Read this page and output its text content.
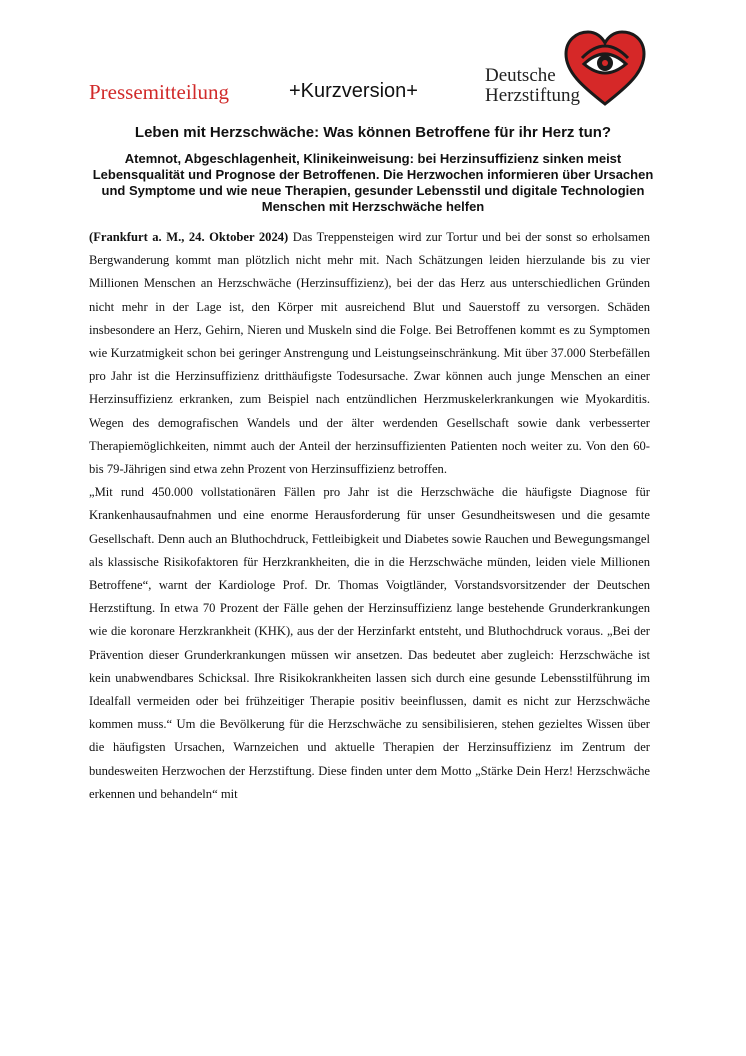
Pressemitteilung	+Kurzversion+
Deutsche
Herzstiftung
Leben mit Herzschwäche: Was können Betroffene für ihr Herz tun?
Atemnot, Abgeschlagenheit, Klinikeinweisung: bei Herzinsuffizienz sinken meist Lebensqualität und Prognose der Betroffenen. Die Herzwochen informieren über Ursachen und Symptome und wie neue Therapien, gesunder Lebensstil und digitale Technologien Menschen mit Herzschwäche helfen

(Frankfurt a. M., 24. Oktober 2024) Das Treppensteigen wird zur Tortur und bei der sonst so erholsamen Bergwanderung kommt man plötzlich nicht mehr mit. Nach Schätzungen leiden hierzulande bis zu vier Millionen Menschen an Herzschwäche (Herzinsuffizienz), bei der das Herz aus unterschiedlichen Gründen nicht mehr in der Lage ist, den Körper mit ausreichend Blut und Sauerstoff zu versorgen. Schäden insbesondere an Herz, Gehirn, Nieren und Muskeln sind die Folge. Bei Betroffenen kommt es zu Symptomen wie Kurzatmigkeit schon bei geringer Anstrengung und Leistungseinschränkung. Mit über 37.000 Sterbefällen pro Jahr ist die Herzinsuffizienz dritthäufigste Todesursache. Zwar können auch junge Menschen an einer Herzinsuffizienz erkranken, zum Beispiel nach entzündlichen Herzmuskelerkrankungen wie Myokarditis. Wegen des demografischen Wandels und der älter werdenden Gesellschaft sowie dank verbesserter Therapiemöglichkeiten, nimmt auch der Anteil der herzinsuffizienten Patienten noch weiter zu. Von den 60- bis 79-Jährigen sind etwa zehn Prozent von Herzinsuffizienz betroffen.

„Mit rund 450.000 vollstationären Fällen pro Jahr ist die Herzschwäche die häufigste Diagnose für Krankenhausaufnahmen und eine enorme Herausforderung für unser Gesundheitswesen und die gesamte Gesellschaft. Denn auch an Bluthochdruck, Fettleibigkeit und Diabetes sowie Rauchen und Bewegungsmangel als klassische Risikofaktoren für Herzkrankheiten, die in die Herzschwäche münden, leiden viele Millionen Betroffene“, warnt der Kardiologe Prof. Dr. Thomas Voigtländer, Vorstandsvorsitzender der Deutschen Herzstiftung. In etwa 70 Prozent der Fälle gehen der Herzinsuffizienz lange bestehende Grunderkrankungen wie die koronare Herzkrankheit (KHK), aus der der Herzinfarkt entsteht, und Bluthochdruck voraus. „Bei der Prävention dieser Grunderkrankungen müssen wir ansetzen. Das bedeutet aber zugleich: Herzschwäche ist kein unabwendbares Schicksal. Ihre Risikokrankheiten lassen sich durch eine gesunde Lebensstilführung im Idealfall vermeiden oder bei frühzeitiger Therapie positiv beeinflussen, damit es nicht zur Herzschwäche kommen muss.“ Um die Bevölkerung für die Herzschwäche zu sensibilisieren, stehen gezieltes Wissen über die häufigsten Ursachen, Warnzeichen und aktuelle Therapien der Herzinsuffizienz im Zentrum der bundesweiten Herzwochen der Herzstiftung. Diese finden unter dem Motto „Stärke Dein Herz! Herzschwäche erkennen und behandeln“ mit
